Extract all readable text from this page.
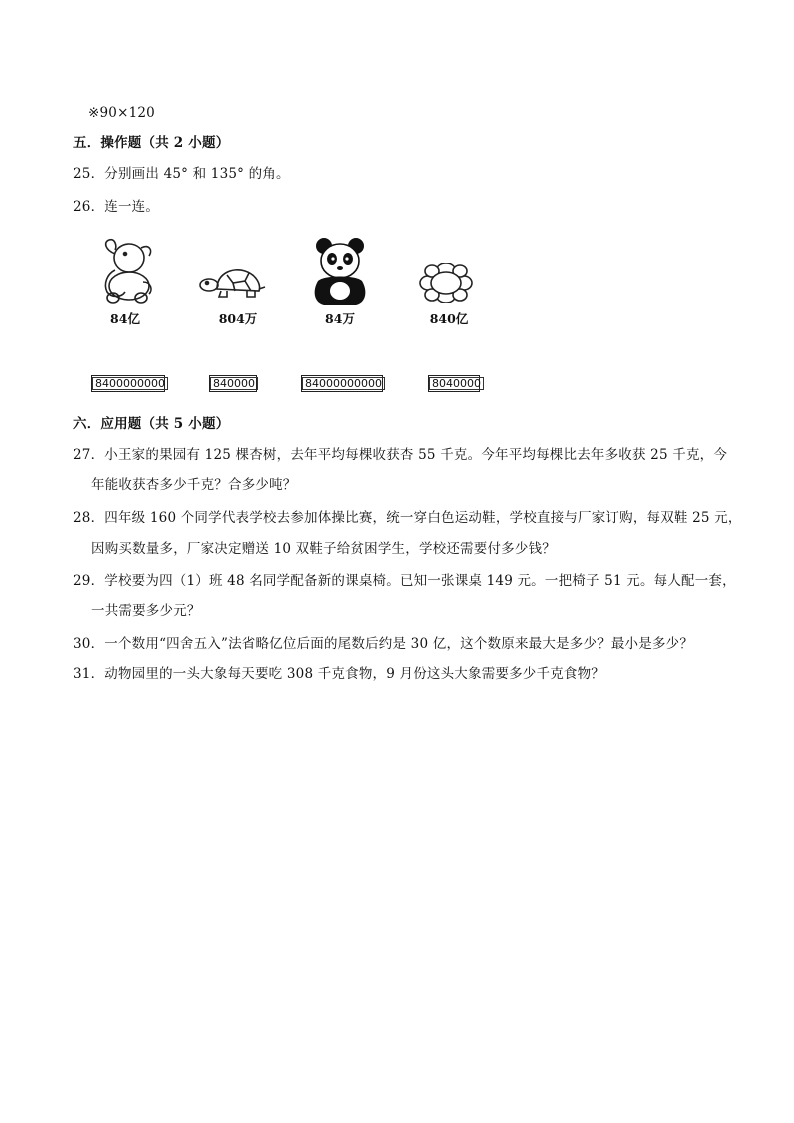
※90×120
五．操作题（共 2 小题）
25．分别画出 45° 和 135° 的角。
26．连一连。
84亿	804万	84万	840亿
8400000000	840000	84000000000	8040000
六．应用题（共 5 小题）
27．小王家的果园有 125 棵杏树，去年平均每棵收获杏 55 千克。今年平均每棵比去年多收获 25 千克，今
年能收获杏多少千克？合多少吨？
28．四年级 160 个同学代表学校去参加体操比赛，统一穿白色运动鞋，学校直接与厂家订购，每双鞋 25 元，
因购买数量多，厂家决定赠送 10 双鞋子给贫困学生，学校还需要付多少钱？
29．学校要为四（1）班 48 名同学配备新的课桌椅。已知一张课桌 149 元。一把椅子 51 元。每人配一套，
一共需要多少元？
30．一个数用“四舍五入”法省略亿位后面的尾数后约是 30 亿，这个数原来最大是多少？最小是多少？
31．动物园里的一头大象每天要吃 308 千克食物，9 月份这头大象需要多少千克食物？
